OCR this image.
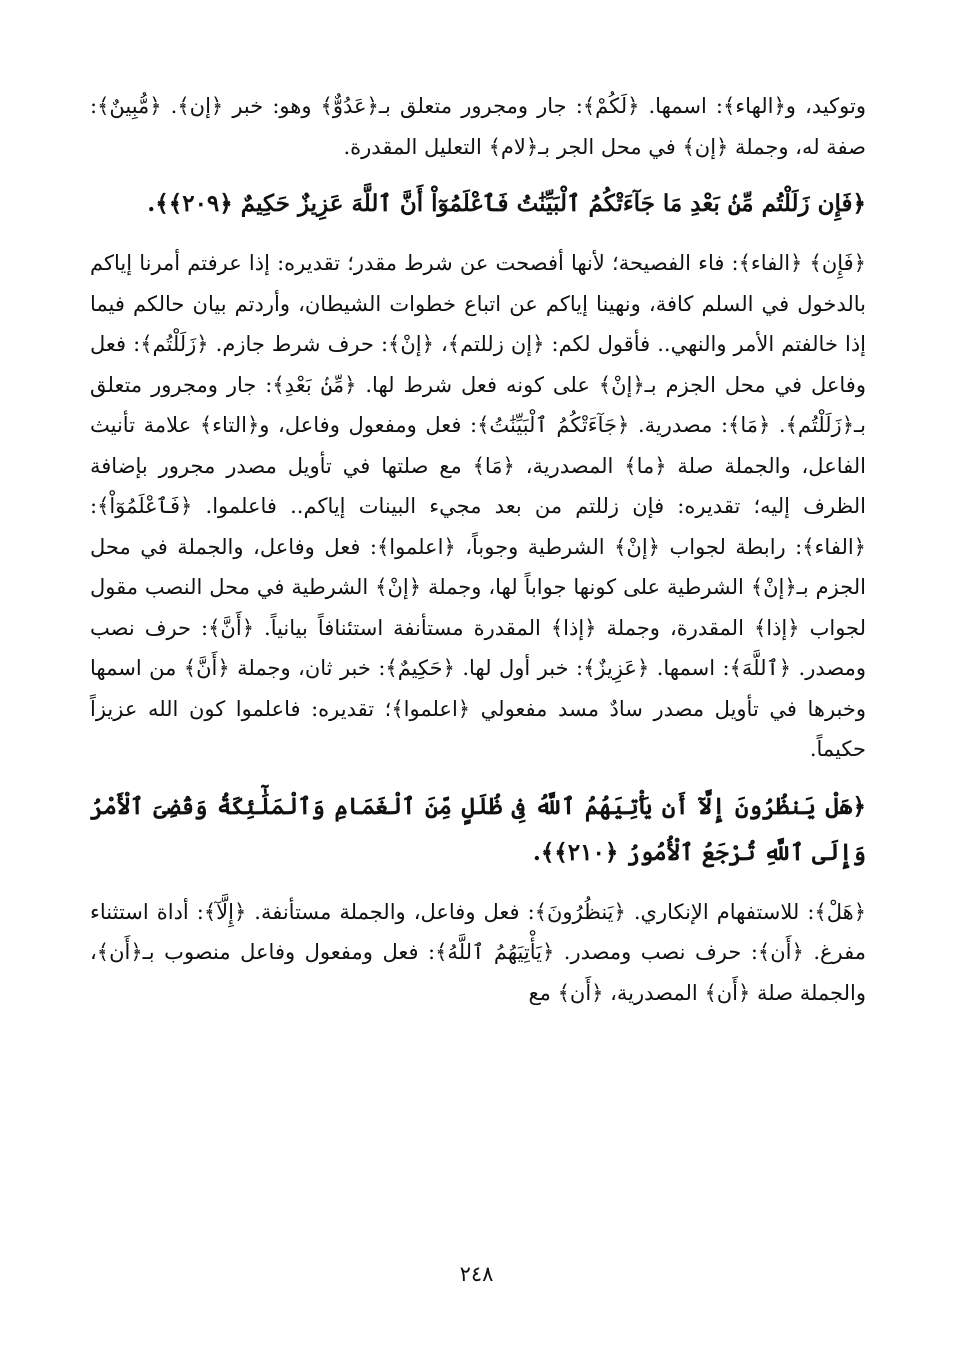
وتوكيد، و﴿الهاء﴾: اسمها. ﴿لَكُمْ﴾: جار ومجرور متعلق بـ﴿عَدُوٌّ﴾ وهو: خبر ﴿إن﴾. ﴿مُّبِينٌ﴾: صفة له، وجملة ﴿إن﴾ في محل الجر بـ﴿لام﴾ التعليل المقدرة.

﴿فَإِن زَلَلْتُم مِّنۢ بَعْدِ مَا جَآءَتْكُمُ ٱلْبَيِّنَٰتُ فَٱعْلَمُوٓاْ أَنَّ ٱللَّهَ عَزِيزٌ حَكِيمٌ ﴿٢٠٩﴾﴾.

﴿فَإِن﴾ ﴿الفاء﴾: فاء الفصيحة؛ لأنها أفصحت عن شرط مقدر؛ تقديره: إذا عرفتم أمرنا إياكم بالدخول في السلم كافة، ونهينا إياكم عن اتباع خطوات الشيطان، وأردتم بيان حالكم فيما إذا خالفتم الأمر والنهي.. فأقول لكم: ﴿إن زللتم﴾، ﴿إنْ﴾: حرف شرط جازم. ﴿زَلَلْتُم﴾: فعل وفاعل في محل الجزم بـ﴿إنْ﴾ على كونه فعل شرط لها. ﴿مِّنۢ بَعْدِ﴾: جار ومجرور متعلق بـ﴿زَلَلْتُم﴾. ﴿مَا﴾: مصدرية. ﴿جَآءَتْكُمُ ٱلْبَيِّنَٰتُ﴾: فعل ومفعول وفاعل، و﴿التاء﴾ علامة تأنيث الفاعل، والجملة صلة ﴿ما﴾ المصدرية، ﴿مَا﴾ مع صلتها في تأويل مصدر مجرور بإضافة الظرف إليه؛ تقديره: فإن زللتم من بعد مجيء البينات إياكم.. فاعلموا. ﴿فَٱعْلَمُوٓاْ﴾: ﴿الفاء﴾: رابطة لجواب ﴿إنْ﴾ الشرطية وجوباً، ﴿اعلموا﴾: فعل وفاعل، والجملة في محل الجزم بـ﴿إنْ﴾ الشرطية على كونها جواباً لها، وجملة ﴿إنْ﴾ الشرطية في محل النصب مقول لجواب ﴿إذا﴾ المقدرة، وجملة ﴿إذا﴾ المقدرة مستأنفة استئنافاً بيانياً. ﴿أَنَّ﴾: حرف نصب ومصدر. ﴿ٱللَّهَ﴾: اسمها. ﴿عَزِيزٌ﴾: خبر أول لها. ﴿حَكِيمٌ﴾: خبر ثان، وجملة ﴿أَنَّ﴾ من اسمها وخبرها في تأويل مصدر سادٌ مسد مفعولي ﴿اعلموا﴾؛ تقديره: فاعلموا كون الله عزيزاً حكيماً.

﴿هَلْ يَنظُرُونَ إِلَّآ أَن يَأْتِيَهُمُ ٱللَّهُ فِى ظُلَلٍ مِّنَ ٱلْغَمَامِ وَٱلْمَلَٰٓئِكَةُ وَقُضِىَ ٱلْأَمْرُ وَإِلَى ٱللَّهِ تُرْجَعُ ٱلْأُمُورُ ﴿٢١٠﴾﴾.

﴿هَلْ﴾: للاستفهام الإنكاري. ﴿يَنظُرُونَ﴾: فعل وفاعل، والجملة مستأنفة. ﴿إِلَّآ﴾: أداة استثناء مفرغ. ﴿أَن﴾: حرف نصب ومصدر. ﴿يَأْتِيَهُمُ ٱللَّهُ﴾: فعل ومفعول وفاعل منصوب بـ﴿أَن﴾، والجملة صلة ﴿أَن﴾ المصدرية، ﴿أَن﴾ مع

٢٤٨
